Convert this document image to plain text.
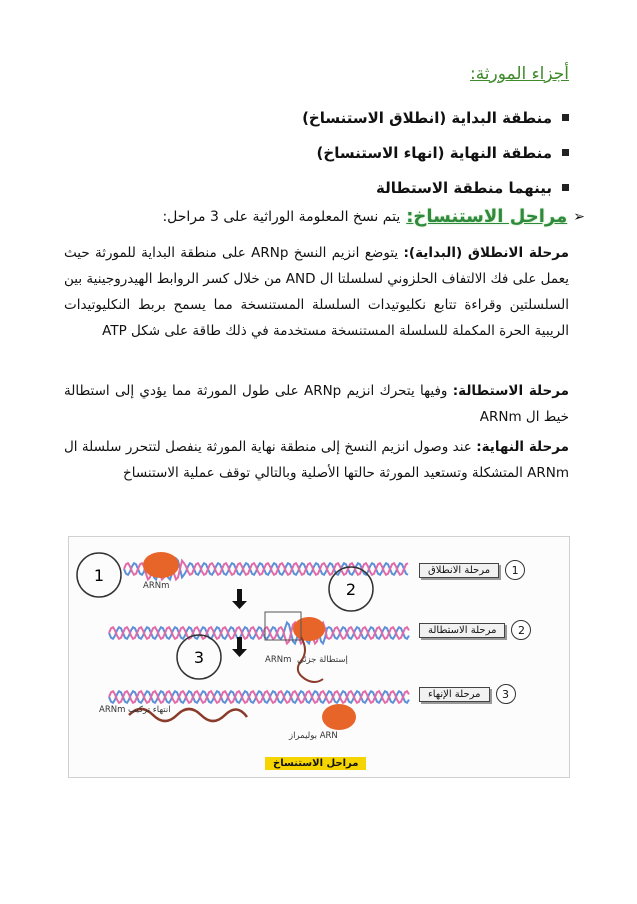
أجزاء المورثة:
منطقة البداية (انطلاق الاستنساخ)
منطقة النهاية (انهاء الاستنساخ)
بينهما منطقة الاستطالة
➢
مراحل الاستنساخ:
يتم نسخ المعلومة الوراثية على 3 مراحل:
مرحلة الانطلاق (البداية): يتوضع انزيم النسخ ARNp على منطقة البداية للمورثة حيث يعمل على فك الالتفاف الحلزوني لسلسلتا ال AND من خلال كسر الروابط الهيدروجينية بين السلسلتين وقراءة تتابع نكليوتيدات السلسلة المستنسخة مما يسمح بربط النكليوتيدات الريبية الحرة المكملة للسلسلة المستنسخة مستخدمة في ذلك طاقة على شكل ATP
مرحلة الاستطالة: وفيها يتحرك انزيم ARNp على طول المورثة مما يؤدي إلى استطالة خيط ال ARNm
مرحلة النهاية: عند وصول انزيم النسخ إلى منطقة نهاية المورثة ينفصل لتتحرر سلسلة ال ARNm المتشكلة وتستعيد المورثة حالتها الأصلية وبالتالي توقف عملية الاستنساخ
1
2
3
1
مرحلة الانطلاق
2
مرحلة الاستطالة
3
مرحلة الإنهاء
ARNm
ARNm إستطالة جزئي
انتهاء تركيب ARNm
ARN بوليمراز
مراحل الاستنساخ
